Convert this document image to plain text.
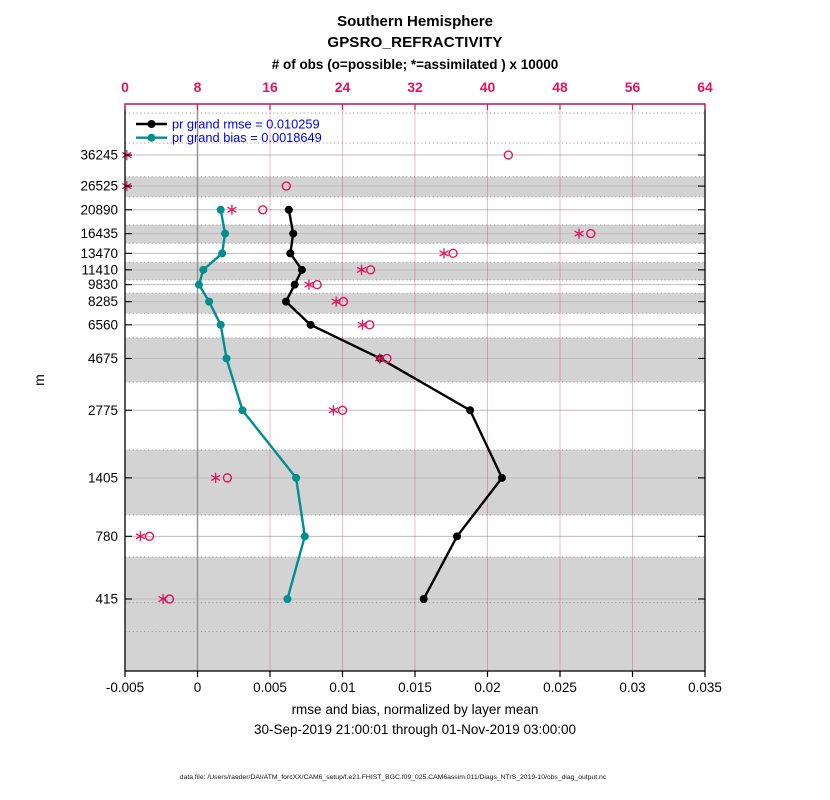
Southern Hemisphere
GPSRO_REFRACTIVITY
# of obs (o=possible; *=assimilated ) x 10000
-0.005	0	0.005	0.01	0.015	0.02	0.025	0.03	0.035
0	8	16	24	32	40	48	56	64
415
780
1405
2775
4675
6560
8285
9830
11410
13470
16435
20890
26525
36245
pr grand rmse = 0.010259
pr grand bias = 0.0018649
m
rmse and bias, normalized by layer mean
30-Sep-2019 21:00:01 through 01-Nov-2019 03:00:00
data file: /Users/raeder/DAI/ATM_forcXX/CAM6_setup/f.e21.FHIST_BGC.f09_025.CAM6assim.011/Diags_NTrS_2019-10/obs_diag_output.nc
